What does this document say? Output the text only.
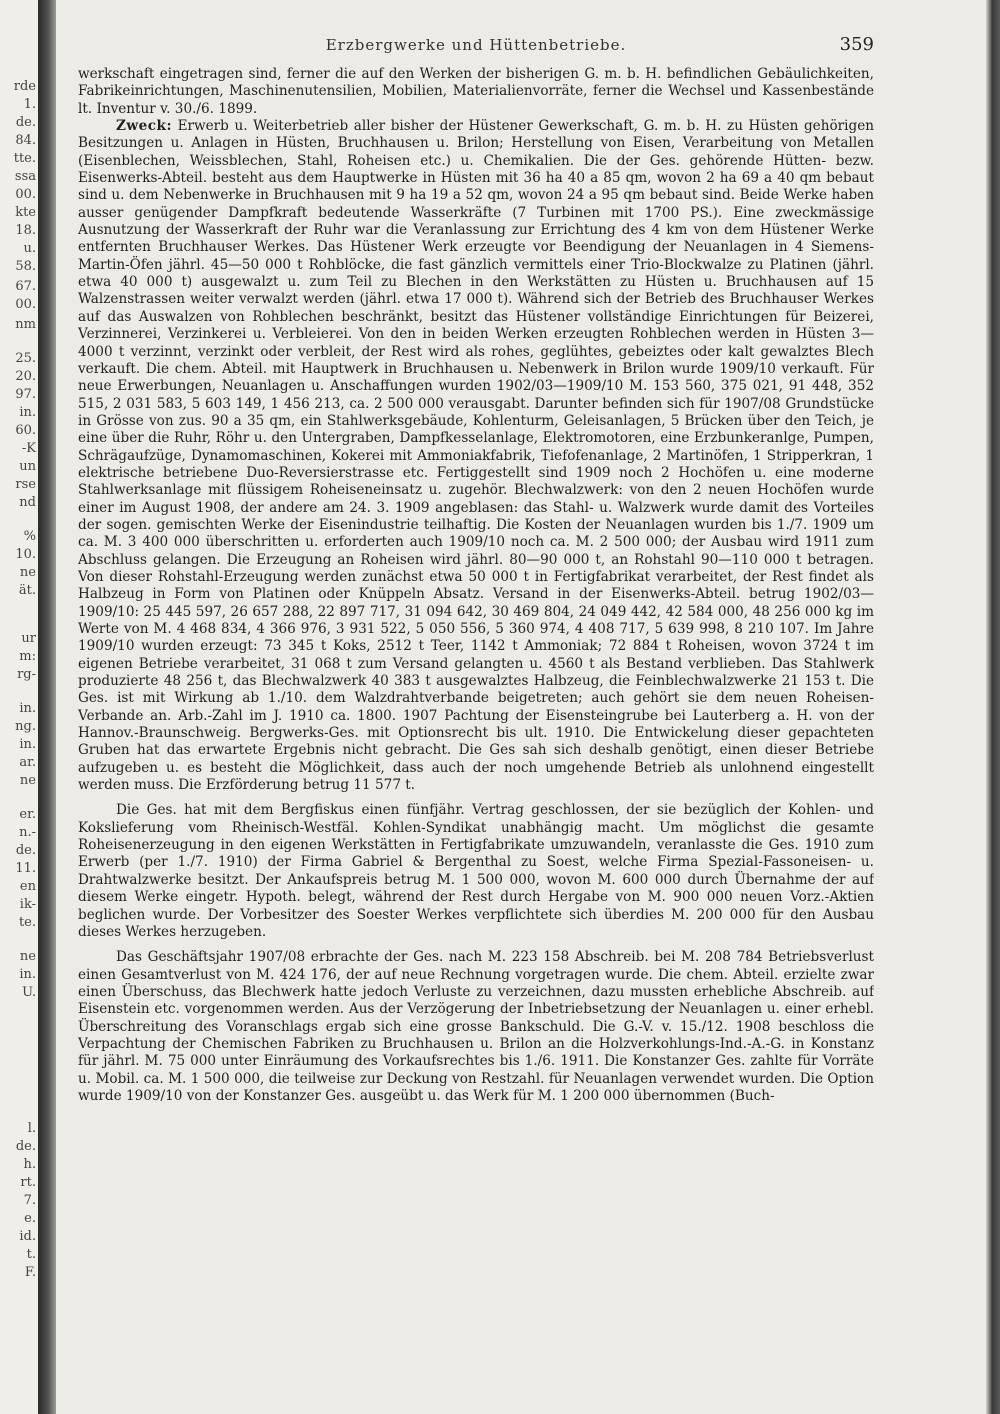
rde
1.
de.
84.
tte.
ssa
00.
kte
18.
u.
58.
67.
00.
nm
25.
20.
97.
in.
60.
-K
un
rse
nd
%
10.
ne
ät.
ur
m:
rg-
in.
ng.
in.
ar.
ne
er.
n.-
de.
11.
en
ik-
te.
ne
in.
U.
l.
de.
h.
rt.
7.
e.
id.
t.
F.
Erzbergwerke und Hüttenbetriebe.	359

werkschaft eingetragen sind, ferner die auf den Werken der bisherigen G. m. b. H. befindlichen Gebäulichkeiten, Fabrikeinrichtungen, Maschinenutensilien, Mobilien, Materialienvorräte, ferner die Wechsel und Kassenbestände lt. Inventur v. 30./6. 1899.

Zweck: Erwerb u. Weiterbetrieb aller bisher der Hüstener Gewerkschaft, G. m. b. H. zu Hüsten gehörigen Besitzungen u. Anlagen in Hüsten, Bruchhausen u. Brilon; Herstellung von Eisen, Verarbeitung von Metallen (Eisenblechen, Weissblechen, Stahl, Roheisen etc.) u. Chemikalien. Die der Ges. gehörende Hütten- bezw. Eisenwerks-Abteil. besteht aus dem Hauptwerke in Hüsten mit 36 ha 40 a 85 qm, wovon 2 ha 69 a 40 qm bebaut sind u. dem Nebenwerke in Bruchhausen mit 9 ha 19 a 52 qm, wovon 24 a 95 qm bebaut sind. Beide Werke haben ausser genügender Dampfkraft bedeutende Wasserkräfte (7 Turbinen mit 1700 PS.). Eine zweckmässige Ausnutzung der Wasserkraft der Ruhr war die Veranlassung zur Errichtung des 4 km von dem Hüstener Werke entfernten Bruchhauser Werkes. Das Hüstener Werk erzeugte vor Beendigung der Neuanlagen in 4 Siemens-Martin-Öfen jährl. 45—50 000 t Rohblöcke, die fast gänzlich vermittels einer Trio-Blockwalze zu Platinen (jährl. etwa 40 000 t) ausgewalzt u. zum Teil zu Blechen in den Werkstätten zu Hüsten u. Bruchhausen auf 15 Walzenstrassen weiter verwalzt werden (jährl. etwa 17 000 t). Während sich der Betrieb des Bruchhauser Werkes auf das Auswalzen von Rohblechen beschränkt, besitzt das Hüstener vollständige Einrichtungen für Beizerei, Verzinnerei, Verzinkerei u. Verbleierei. Von den in beiden Werken erzeugten Rohblechen werden in Hüsten 3—4000 t verzinnt, verzinkt oder verbleit, der Rest wird als rohes, geglühtes, gebeiztes oder kalt gewalztes Blech verkauft. Die chem. Abteil. mit Hauptwerk in Bruchhausen u. Nebenwerk in Brilon wurde 1909/10 verkauft. Für neue Erwerbungen, Neuanlagen u. Anschaffungen wurden 1902/03—1909/10 M. 153 560, 375 021, 91 448, 352 515, 2 031 583, 5 603 149, 1 456 213, ca. 2 500 000 verausgabt. Darunter befinden sich für 1907/08 Grundstücke in Grösse von zus. 90 a 35 qm, ein Stahlwerksgebäude, Kohlenturm, Geleisanlagen, 5 Brücken über den Teich, je eine über die Ruhr, Röhr u. den Untergraben, Dampfkesselanlage, Elektromotoren, eine Erzbunkeranlge, Pumpen, Schrägaufzüge, Dynamomaschinen, Kokerei mit Ammoniakfabrik, Tiefofenanlage, 2 Martinöfen, 1 Stripperkran, 1 elektrische betriebene Duo-Reversierstrasse etc. Fertiggestellt sind 1909 noch 2 Hochöfen u. eine moderne Stahlwerksanlage mit flüssigem Roheiseneinsatz u. zugehör. Blechwalzwerk: von den 2 neuen Hochöfen wurde einer im August 1908, der andere am 24. 3. 1909 angeblasen: das Stahl- u. Walzwerk wurde damit des Vorteiles der sogen. gemischten Werke der Eisenindustrie teilhaftig. Die Kosten der Neuanlagen wurden bis 1./7. 1909 um ca. M. 3 400 000 überschritten u. erforderten auch 1909/10 noch ca. M. 2 500 000; der Ausbau wird 1911 zum Abschluss gelangen. Die Erzeugung an Roheisen wird jährl. 80—90 000 t, an Rohstahl 90—110 000 t betragen. Von dieser Rohstahl-Erzeugung werden zunächst etwa 50 000 t in Fertigfabrikat verarbeitet, der Rest findet als Halbzeug in Form von Platinen oder Knüppeln Absatz. Versand in der Eisenwerks-Abteil. betrug 1902/03—1909/10: 25 445 597, 26 657 288, 22 897 717, 31 094 642, 30 469 804, 24 049 442, 42 584 000, 48 256 000 kg im Werte von M. 4 468 834, 4 366 976, 3 931 522, 5 050 556, 5 360 974, 4 408 717, 5 639 998, 8 210 107. Im Jahre 1909/10 wurden erzeugt: 73 345 t Koks, 2512 t Teer, 1142 t Ammoniak; 72 884 t Roheisen, wovon 3724 t im eigenen Betriebe verarbeitet, 31 068 t zum Versand gelangten u. 4560 t als Bestand verblieben. Das Stahlwerk produzierte 48 256 t, das Blechwalzwerk 40 383 t ausgewalztes Halbzeug, die Feinblechwalzwerke 21 153 t. Die Ges. ist mit Wirkung ab 1./10. dem Walzdrahtverbande beigetreten; auch gehört sie dem neuen Roheisen-Verbande an. Arb.-Zahl im J. 1910 ca. 1800. 1907 Pachtung der Eisensteingrube bei Lauterberg a. H. von der Hannov.-Braunschweig. Bergwerks-Ges. mit Optionsrecht bis ult. 1910. Die Entwickelung dieser gepachteten Gruben hat das erwartete Ergebnis nicht gebracht. Die Ges sah sich deshalb genötigt, einen dieser Betriebe aufzugeben u. es besteht die Möglichkeit, dass auch der noch umgehende Betrieb als unlohnend eingestellt werden muss. Die Erzförderung betrug 11 577 t.

Die Ges. hat mit dem Bergfiskus einen fünfjähr. Vertrag geschlossen, der sie bezüglich der Kohlen- und Kokslieferung vom Rheinisch-Westfäl. Kohlen-Syndikat unabhängig macht. Um möglichst die gesamte Roheisenerzeugung in den eigenen Werkstätten in Fertigfabrikate umzuwandeln, veranlasste die Ges. 1910 zum Erwerb (per 1./7. 1910) der Firma Gabriel & Bergenthal zu Soest, welche Firma Spezial-Fassoneisen- u. Drahtwalzwerke besitzt. Der Ankaufspreis betrug M. 1 500 000, wovon M. 600 000 durch Übernahme der auf diesem Werke eingetr. Hypoth. belegt, während der Rest durch Hergabe von M. 900 000 neuen Vorz.-Aktien beglichen wurde. Der Vorbesitzer des Soester Werkes verpflichtete sich überdies M. 200 000 für den Ausbau dieses Werkes herzugeben.

Das Geschäftsjahr 1907/08 erbrachte der Ges. nach M. 223 158 Abschreib. bei M. 208 784 Betriebsverlust einen Gesamtverlust von M. 424 176, der auf neue Rechnung vorgetragen wurde. Die chem. Abteil. erzielte zwar einen Überschuss, das Blechwerk hatte jedoch Verluste zu verzeichnen, dazu mussten erhebliche Abschreib. auf Eisenstein etc. vorgenommen werden. Aus der Verzögerung der Inbetriebsetzung der Neuanlagen u. einer erhebl. Überschreitung des Voranschlags ergab sich eine grosse Bankschuld. Die G.-V. v. 15./12. 1908 beschloss die Verpachtung der Chemischen Fabriken zu Bruchhausen u. Brilon an die Holzverkohlungs-Ind.-A.-G. in Konstanz für jährl. M. 75 000 unter Einräumung des Vorkaufsrechtes bis 1./6. 1911. Die Konstanzer Ges. zahlte für Vorräte u. Mobil. ca. M. 1 500 000, die teilweise zur Deckung von Restzahl. für Neuanlagen verwendet wurden. Die Option wurde 1909/10 von der Konstanzer Ges. ausgeübt u. das Werk für M. 1 200 000 übernommen (Buch-
